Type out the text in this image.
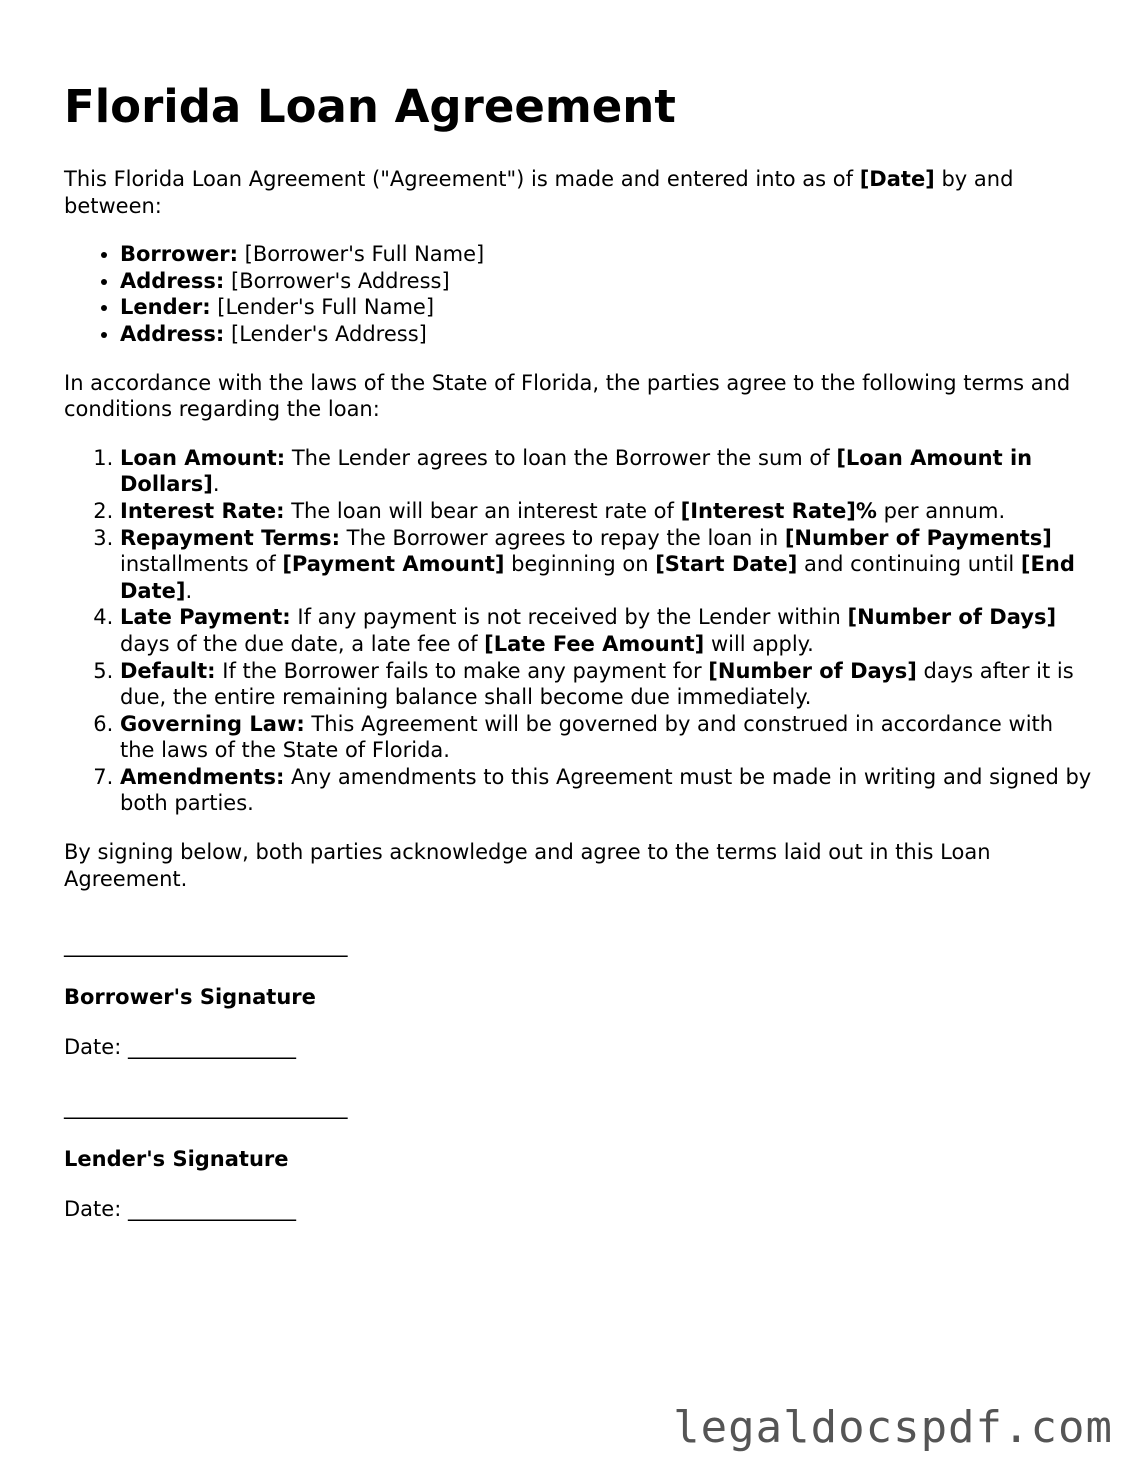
Florida Loan Agreement

This Florida Loan Agreement ("Agreement") is made and entered into as of [Date] by and between:

• Borrower: [Borrower's Full Name]
• Address: [Borrower's Address]
• Lender: [Lender's Full Name]
• Address: [Lender's Address]

In accordance with the laws of the State of Florida, the parties agree to the following terms and conditions regarding the loan:

1. Loan Amount: The Lender agrees to loan the Borrower the sum of [Loan Amount in Dollars].
2. Interest Rate: The loan will bear an interest rate of [Interest Rate]% per annum.
3. Repayment Terms: The Borrower agrees to repay the loan in [Number of Payments] installments of [Payment Amount] beginning on [Start Date] and continuing until [End Date].
4. Late Payment: If any payment is not received by the Lender within [Number of Days] days of the due date, a late fee of [Late Fee Amount] will apply.
5. Default: If the Borrower fails to make any payment for [Number of Days] days after it is due, the entire remaining balance shall become due immediately.
6. Governing Law: This Agreement will be governed by and construed in accordance with the laws of the State of Florida.
7. Amendments: Any amendments to this Agreement must be made in writing and signed by both parties.

By signing below, both parties acknowledge and agree to the terms laid out in this Loan Agreement.

___________________________

Borrower's Signature

Date: ________________

___________________________

Lender's Signature

Date: ________________

legaldocspdf.com
